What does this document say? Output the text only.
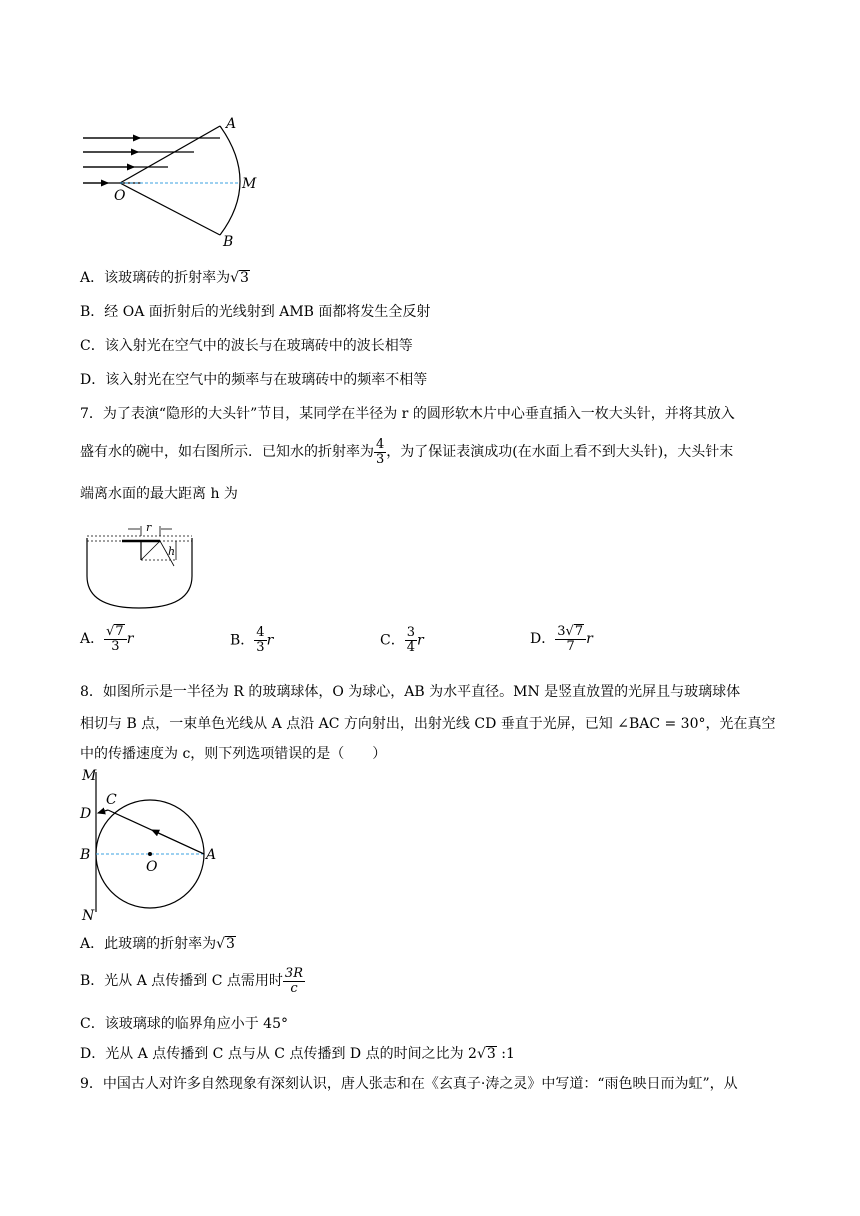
A
M
O
B
A．该玻璃砖的折射率为√3
B．经 OA 面折射后的光线射到 AMB 面都将发生全反射
C．该入射光在空气中的波长与在玻璃砖中的波长相等
D．该入射光在空气中的频率与在玻璃砖中的频率不相等
7．为了表演“隐形的大头针”节目，某同学在半径为 r 的圆形软木片中心垂直插入一枚大头针，并将其放入
盛有水的碗中，如右图所示．已知水的折射率为 $\frac{4}{3}$ ，为了保证表演成功(在水面上看不到大头针)，大头针末
端离水面的最大距离 h 为
r
h
A． $\frac{√7}{3}$ r	B． $\frac{4}{3}$ r	C． $\frac{3}{4}$ r	D． $\frac{3√7}{7}$ r
8．如图所示是一半径为 R 的玻璃球体，O 为球心，AB 为水平直径。MN 是竖直放置的光屏且与玻璃球体
相切与 B 点，一束单色光线从 A 点沿 AC 方向射出，出射光线 CD 垂直于光屏，已知 ∠BAC = 30°，光在真空
中的传播速度为 c，则下列选项错误的是（　　）
M
D
C
B
O
A
N
A．此玻璃的折射率为√3
B．光从 A 点传播到 C 点需用时 $\frac{3R}{c}$
C．该玻璃球的临界角应小于 45°
D．光从 A 点传播到 C 点与从 C 点传播到 D 点的时间之比为 2√3 :1
9．中国古人对许多自然现象有深刻认识，唐人张志和在《玄真子·涛之灵》中写道：“雨色映日而为虹”，从
